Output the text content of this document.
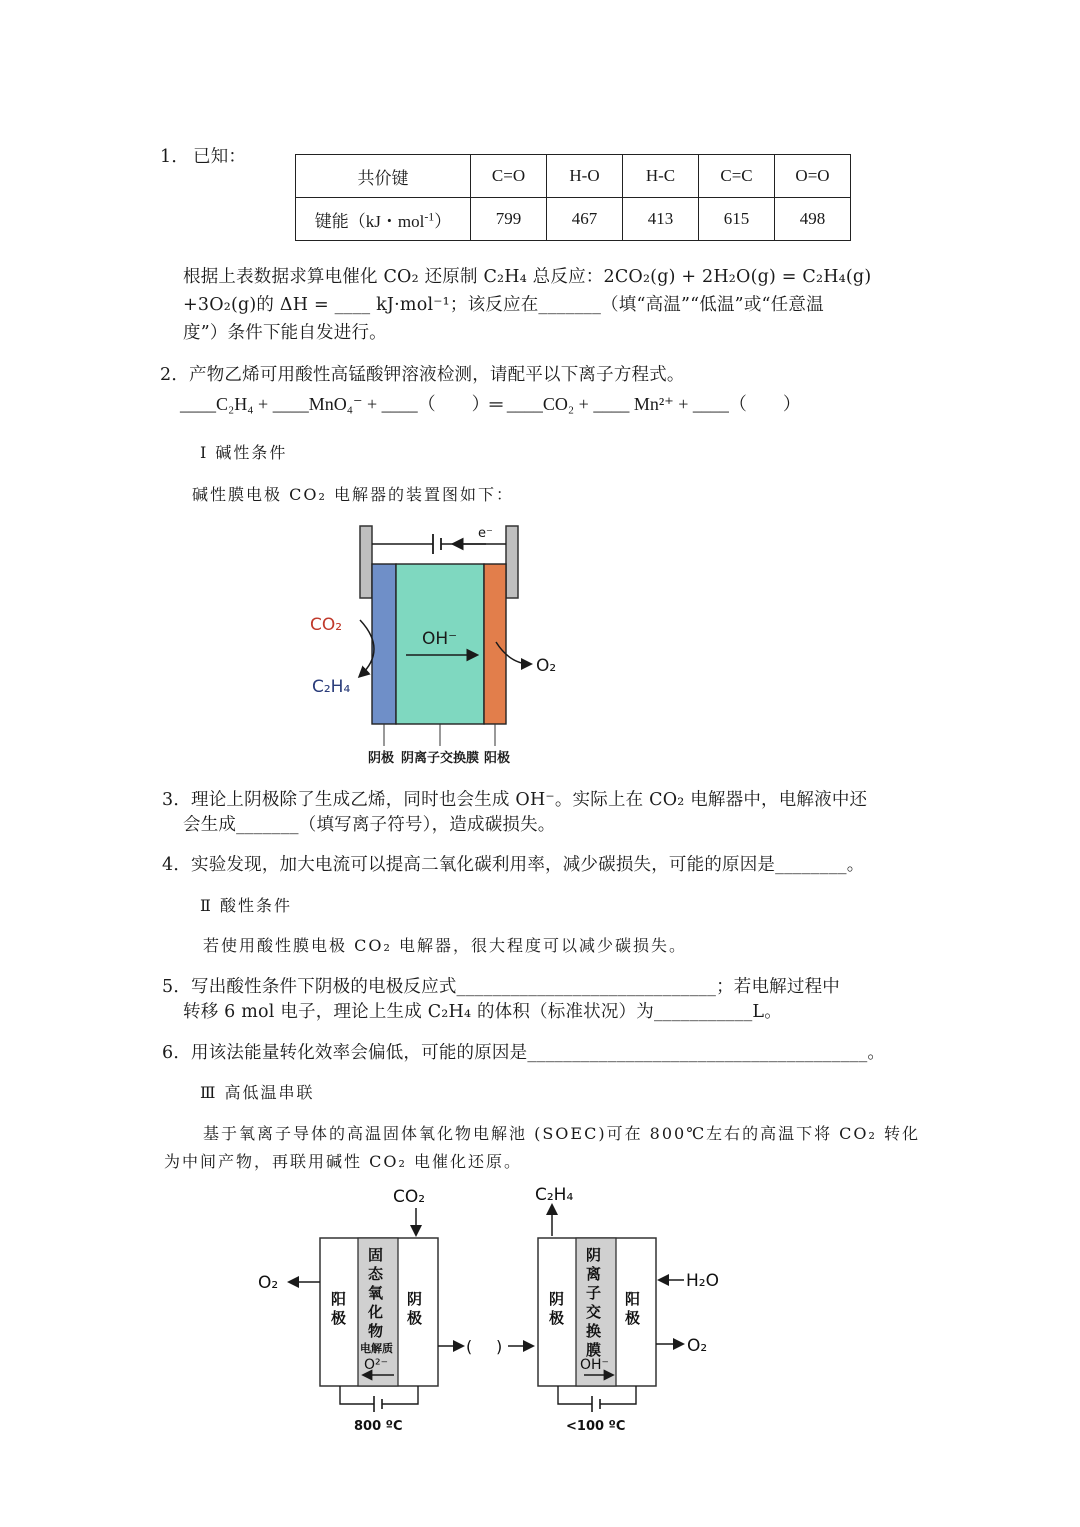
1． 已知：
共价键	C=O	H-O	H-C	C=C	O=O
键能（kJ・mol$^{-1}$）	799	467	413	615	498
根据上表数据求算电催化 CO₂ 还原制 C₂H₄ 总反应：2CO₂(g) + 2H₂O(g) = C₂H₄(g)
+3O₂(g)的 ΔH = ____ kJ·mol⁻¹；该反应在_______（填“高温”“低温”或“任意温
度”）条件下能自发进行。
2．产物乙烯可用酸性高锰酸钾溶液检测，请配平以下离子方程式。
____C₂H₄ + ____MnO₄⁻ + ____（　　）═ ____CO₂ + ____ Mn²⁺ + ____（　　）
Ⅰ 碱性条件
碱性膜电极 CO₂ 电解器的装置图如下：
e⁻
OH⁻
CO₂
C₂H₄
O₂
阴极 阴离子交换膜 阳极
3．理论上阴极除了生成乙烯，同时也会生成 OH⁻。实际上在 CO₂ 电解器中，电解液中还
会生成_______（填写离子符号），造成碳损失。
4．实验发现，加大电流可以提高二氧化碳利用率，减少碳损失，可能的原因是________。
Ⅱ 酸性条件
若使用酸性膜电极 CO₂ 电解器，很大程度可以减少碳损失。
5．写出酸性条件下阴极的电极反应式_____________________________；若电解过程中
转移 6 mol 电子，理论上生成 C₂H₄ 的体积（标准状况）为___________L。
6．用该法能量转化效率会偏低，可能的原因是______________________________________。
Ⅲ 高低温串联
基于氧离子导体的高温固体氧化物电解池 (SOEC)可在 800℃左右的高温下将 CO₂ 转化
为中间产物，再联用碱性 CO₂ 电催化还原。
固
态
氧
化
物
电解质
O²⁻
阳
极
阴
极
CO₂
O₂
(
800 ºC
)
阴
离
子
交
换
膜
OH⁻
阴
极
阳
极
C₂H₄
H₂O
O₂
<100 ºC
